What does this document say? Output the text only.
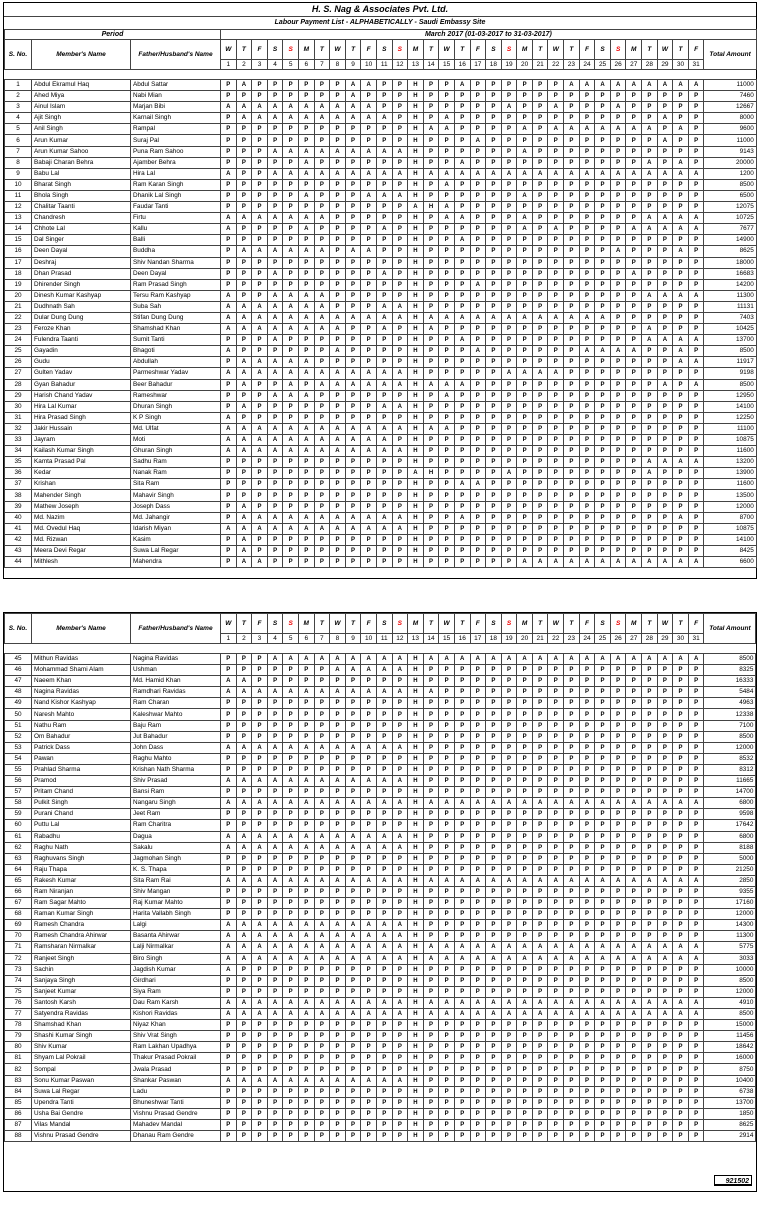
H. S. Nag & Associates Pvt. Ltd.
Labour Payment List - ALPHABETICALLY - Saudi Embassy Site
Period			March 2017 (01-03-2017 to 31-03-2017)																															
S. No.	Member's Name	Father/Husband's Name	W	T	F	S	S	M	T	W	T	F	S	S	M	T	W	T	F	S	S	M	T	W	T	F	S	S	M	T	W	T	F	Total Amount
			1	2	3	4	5	6	7	8	9	10	11	12	13	14	15	16	17	18	19	20	21	22	23	24	25	26	27	28	29	30	31	

1	Abdul Ekramul Haq	Abdul Sattar	P	A	P	P	P	P	P	P	A	A	P	P	H	P	P	A	P	P	P	P	P	P	A	A	A	A	A	A	A	A	A	11000
2	Ahed Miya	Nabi Mian	P	P	P	P	P	P	P	P	A	P	P	P	H	P	P	P	P	P	P	P	P	P	P	P	P	P	P	P	P	P	P	7460
3	Ainul Islam	Marjan Bibi	A	A	A	A	A	A	A	A	A	A	P	P	H	P	P	P	P	P	A	P	P	A	P	P	P	A	P	P	P	P	P	12667
4	Ajit Singh	Karnail Singh	P	A	A	A	A	A	A	A	A	A	A	P	H	P	A	P	P	P	P	P	P	P	P	P	P	P	P	P	A	P	P	8000
5	Anil Singh	Rampal	P	P	P	P	P	P	P	P	P	P	P	P	H	A	A	P	P	P	P	A	P	A	A	A	A	A	A	A	P	A	P	9600
6	Arun Kumar	Suraj Pal	P	P	P	P	P	P	P	P	P	P	P	P	H	P	P	P	A	P	P	P	P	P	P	P	P	P	P	P	A	P	P	11000
7	Arun Kumar Sahoo	Puna Ram Sahoo	P	P	P	A	A	A	A	A	A	A	A	A	H	P	P	P	P	P	P	A	P	P	P	P	P	P	P	P	P	P	P	9143
8	Babaji Charan Behra	Ajamber Behra	P	P	P	P	P	A	P	P	P	P	P	P	H	P	P	A	P	P	P	P	P	P	P	P	P	P	P	A	P	A	P	20000
9	Babu Lal	Hira Lal	A	P	P	A	A	A	A	A	A	A	A	A	H	A	A	A	A	A	A	A	A	A	A	A	A	A	A	A	A	A	A	1200
10	Bharat Singh	Ram Karan Singh	P	P	P	P	P	P	P	P	P	P	P	P	H	P	A	P	P	P	P	P	P	P	P	P	P	P	P	P	P	P	P	8500
11	Bhola Singh	Dhanik Lal Singh	P	P	P	P	P	A	P	P	P	A	A	A	H	P	P	P	P	P	P	A	P	P	P	P	P	P	P	P	P	P	P	6500
12	Chalitar Taanti	Faudar Tanti	P	P	P	P	P	P	P	P	P	P	P	P	A	H	A	P	P	P	P	P	P	P	P	P	P	P	P	P	P	P	P	12075
13	Chandresh	Firtu	A	A	A	A	A	A	A	P	P	P	P	P	H	P	A	A	P	P	P	A	P	P	P	P	P	P	P	A	A	A	A	10725
14	Chhote Lal	Kallu	A	P	P	P	P	A	P	P	P	P	A	P	H	P	P	P	P	P	P	A	P	A	P	P	P	P	A	A	A	A	A	7677
15	Dal Singer	Balli	P	P	P	P	P	P	P	P	P	P	P	P	H	P	P	A	P	P	P	P	P	P	P	P	P	P	P	P	P	P	P	14900
16	Deen Dayal	Buddha	P	A	A	A	A	A	A	P	A	A	P	P	H	P	P	P	P	P	P	P	P	P	P	P	P	A	P	P	P	A	P	8625
17	Deshraj	Shiv Nandan Sharma	P	P	P	P	P	P	P	P	P	P	P	P	H	P	P	P	P	P	P	P	P	P	P	P	P	P	P	P	P	P	P	18000
18	Dhan Prasad	Deen Dayal	P	P	P	A	P	P	P	P	P	P	A	P	H	P	P	P	P	P	P	P	P	P	P	P	P	P	A	P	P	P	P	16683
19	Dhirender Singh	Ram Prasad Singh	P	P	P	P	P	P	P	P	P	P	P	P	H	P	P	P	A	P	P	P	P	P	P	P	P	P	P	P	P	P	P	14200
20	Dinesh Kumar Kashyap	Tersu Ram Kashyap	A	P	P	A	A	A	A	P	P	P	P	P	H	P	P	P	P	P	P	P	P	P	P	P	P	P	P	A	A	A	A	11300
21	Dudhnath Sah	Suba Sah	A	A	A	A	A	A	A	P	P	P	A	A	H	P	P	P	P	P	P	P	P	P	P	P	P	P	P	P	P	P	P	11131
22	Dular Dung Dung	Stifan Dung Dung	A	A	A	A	A	A	A	A	A	A	A	A	H	A	A	A	A	A	A	A	A	A	A	A	A	P	P	P	P	P	P	7403
23	Feroze Khan	Shamshad Khan	A	A	A	A	A	A	A	A	P	P	A	P	H	A	P	P	P	P	P	P	P	P	P	P	P	P	P	A	P	P	P	10425
24	Fulendra Taanti	Sumit Tanti	P	P	P	A	P	P	P	P	P	P	P	P	H	P	P	A	P	P	P	P	P	P	P	P	P	P	P	A	A	A	A	13700
25	Gayadin	Bhagoti	A	P	P	P	P	P	P	A	P	P	P	P	H	P	P	P	A	P	P	P	P	P	P	A	A	A	A	P	P	A	P	8500
26	Gudu	Abdullah	P	A	A	A	A	A	P	P	P	P	P	P	H	P	P	P	P	P	P	P	P	P	P	P	P	P	P	P	P	A	A	11917
27	Gulten Yadav	Parmeshwar Yadav	A	A	A	A	A	A	A	A	A	A	A	A	H	P	P	P	P	P	A	A	A	A	P	P	P	P	P	P	P	P	P	9198
28	Gyan Bahadur	Beer Bahadur	P	A	P	P	A	P	A	A	A	A	A	A	H	A	A	A	P	P	P	P	P	P	P	P	P	P	P	P	A	P	A	8500
29	Harish Chand Yadav	Rameshwar	P	P	P	A	A	A	P	P	P	P	P	P	H	P	A	P	P	P	P	P	P	P	P	P	P	P	P	P	P	P	P	12950
30	Hira Lal Kumar	Dhuran Singh	P	A	P	P	P	P	P	P	P	P	A	A	H	P	P	P	P	P	P	P	P	P	P	P	P	P	P	P	P	P	P	14100
31	Hira Prasad Singh	K P Singh	A	P	P	P	P	P	P	P	P	P	P	P	H	P	P	P	P	P	P	P	P	P	P	P	P	P	P	P	P	P	P	12250
32	Jakir Hussain	Md. Ulfat	A	A	A	A	A	A	A	A	A	A	A	A	H	A	A	P	P	P	P	P	P	P	P	P	P	P	P	P	P	P	P	11100
33	Jayram	Moti	A	A	A	A	A	A	A	A	A	A	A	P	H	P	P	P	P	P	P	P	P	P	P	P	P	P	P	P	P	P	P	10875
34	Kailash Kumar Singh	Ghuran Singh	A	A	A	A	A	A	A	A	A	A	A	A	H	P	P	P	P	P	P	P	P	P	P	P	P	P	P	P	P	P	P	11600
35	Kamta Prasad Pal	Sadhu Ram	P	P	P	P	P	P	P	P	P	P	P	P	H	P	P	P	P	P	P	P	P	P	P	P	P	P	P	A	A	A	A	13200
36	Kedar	Nanak Ram	P	P	P	P	P	P	P	P	P	P	P	P	A	H	P	P	P	P	A	P	P	P	P	P	P	P	P	A	P	P	P	13900
37	Krishan	Sita Ram	P	P	P	P	P	P	P	P	P	P	P	P	H	P	P	A	A	P	P	P	P	P	P	P	P	P	P	P	P	P	P	11600
38	Mahender Singh	Mahavir Singh	P	P	P	P	P	P	P	P	P	P	P	P	H	P	P	P	P	P	P	P	P	P	P	P	P	P	P	P	P	P	P	13500
39	Mathew Joseph	Joseph Dass	P	A	P	P	P	P	P	P	P	P	P	P	H	P	P	P	P	P	P	P	P	P	P	P	P	P	P	P	P	P	P	12000
40	Md. Nazim	Md. Jahangir	P	A	A	A	A	A	A	A	A	A	A	A	H	P	P	A	P	P	P	P	P	P	P	P	P	P	P	P	P	A	P	8700
41	Md. Ovedul Haq	Idarish Miyan	A	A	A	A	A	A	A	A	A	A	A	A	H	P	P	P	P	P	P	P	P	P	P	P	P	P	P	P	P	P	P	10875
42	Md. Rizwan	Kasim	P	A	P	P	P	P	P	P	P	P	P	P	H	P	P	P	P	P	P	P	P	P	P	P	P	P	P	P	P	P	P	14100
43	Meera Devi Regar	Suwa Lal Regar	P	A	P	P	P	P	P	P	P	P	P	P	H	P	P	P	P	P	P	P	P	P	P	P	P	P	P	P	P	P	P	8425
44	Mithlesh	Mahendra	P	A	A	P	P	P	P	P	P	P	P	P	H	P	P	P	P	P	P	A	A	A	A	A	A	A	A	A	A	A	A	6600
S. No.	Member's Name	Father/Husband's Name	W	T	F	S	S	M	T	W	T	F	S	S	M	T	W	T	F	S	S	M	T	W	T	F	S	S	M	T	W	T	F	Total Amount
			1	2	3	4	5	6	7	8	9	10	11	12	13	14	15	16	17	18	19	20	21	22	23	24	25	26	27	28	29	30	31	

45	Mithun Ravidas	Nagina Ravidas	P	P	P	A	A	A	A	A	A	A	A	A	H	A	A	A	A	A	A	A	A	A	A	A	A	A	A	A	A	A	A	8500
46	Mohammad Shami Alam	Ushman	P	P	P	P	P	P	P	A	A	A	A	A	H	P	P	P	P	P	P	P	P	P	P	P	P	P	P	P	P	P	P	8325
47	Naeem Khan	Md. Hamid Khan	A	A	P	P	P	P	P	P	P	P	P	P	H	P	P	P	P	P	P	P	P	P	P	P	P	P	P	P	P	P	P	16333
48	Nagina Ravidas	Ramdhari Ravidas	A	A	A	A	A	A	A	A	A	A	A	A	H	A	P	P	P	P	P	P	P	P	P	P	P	P	P	P	P	P	P	5484
49	Nand Kishor Kashyap	Ram Charan	P	P	P	P	P	P	P	P	P	P	P	P	H	P	P	P	P	P	P	P	P	P	P	P	P	P	P	P	P	P	P	4963
50	Naresh Mahto	Kaleshwar Mahto	P	P	P	P	P	P	P	P	P	P	P	P	H	P	P	P	P	P	P	P	P	P	P	P	P	P	P	P	P	P	P	12338
51	Nathu Ram	Baju Ram	P	P	P	P	P	P	P	P	P	P	P	P	H	P	P	P	P	P	P	P	P	P	P	P	P	P	P	P	P	P	P	7100
52	Om Bahadur	Jut Bahadur	P	P	P	P	P	P	P	P	P	P	P	P	H	P	P	P	P	P	P	P	P	P	P	P	P	P	P	P	P	P	P	8500
53	Patrick Dass	John Dass	A	A	A	A	A	A	A	A	A	A	A	A	H	P	P	P	P	P	P	P	P	P	P	P	P	P	P	P	P	P	P	12000
54	Pawan	Raghu Mahto	P	P	P	P	P	P	P	P	P	P	P	P	H	P	P	P	P	P	P	P	P	P	P	P	P	P	P	P	P	P	P	8532
55	Prahlad Sharma	Krishan Nath Sharma	P	P	P	P	P	P	P	P	P	P	P	P	H	P	P	P	P	P	P	P	P	P	P	P	P	P	P	P	P	P	P	8312
56	Pramod	Shiv Prasad	A	A	A	A	A	A	A	A	A	A	A	A	H	P	P	P	P	P	P	P	P	P	P	P	P	P	P	P	P	P	P	11665
57	Pritam Chand	Bansi Ram	P	P	P	P	P	P	P	P	P	P	P	P	H	P	P	P	P	P	P	P	P	P	P	P	P	P	P	P	P	P	P	14700
58	Pulkit Singh	Nangaru Singh	A	A	A	A	A	A	A	A	A	A	A	A	H	A	A	A	A	A	A	A	A	A	A	A	A	A	A	A	A	A	A	6800
59	Purani Chand	Jeet Ram	P	P	P	P	P	P	P	P	P	P	P	P	H	P	P	P	P	P	P	P	P	P	P	P	P	P	P	P	P	P	P	9598
60	Puttu Lal	Ram Charitra	P	P	P	P	P	P	P	P	P	P	P	P	H	P	P	P	P	P	P	P	P	P	P	P	P	P	P	P	P	P	P	17642
61	Rabadhu	Dagua	A	A	A	A	A	A	A	A	A	A	A	A	H	P	P	P	P	P	P	P	P	P	P	P	P	P	P	P	P	P	P	6800
62	Raghu Nath	Sakalu	A	A	A	A	A	A	A	A	A	A	A	A	H	P	P	P	P	P	P	P	P	P	P	P	P	P	P	P	P	P	P	8188
63	Raghuvans Singh	Jagmohan Singh	P	P	P	P	P	P	P	P	P	P	P	P	H	P	P	P	P	P	P	P	P	P	P	P	P	P	P	P	P	P	P	5000
64	Raju Thapa	K. S. Thapa	P	P	P	P	P	P	P	P	P	P	P	P	H	P	P	P	P	P	P	P	P	P	P	P	P	P	P	P	P	P	P	21250
65	Rakesh Kumar	Sita Ram Rai	A	A	A	A	A	A	A	A	A	A	A	A	H	A	A	A	A	A	A	A	A	A	A	A	A	A	A	A	A	A	A	2850
66	Ram Niranjan	Shiv Mangan	P	P	P	P	P	P	P	P	P	P	P	P	H	P	P	P	P	P	P	P	P	P	P	P	P	P	P	P	P	P	P	9355
67	Ram Sagar Mahto	Raj Kumar Mahto	P	P	P	P	P	P	P	P	P	P	P	P	H	P	P	P	P	P	P	P	P	P	P	P	P	P	P	P	P	P	P	17160
68	Raman Kumar Singh	Harita Vallabh Singh	P	P	P	P	P	P	P	P	P	P	P	P	H	P	P	P	P	P	P	P	P	P	P	P	P	P	P	P	P	P	P	12000
69	Ramesh Chandra	Lalgi	A	A	A	A	A	A	A	A	A	A	A	A	H	P	P	P	P	P	P	P	P	P	P	P	P	P	P	P	P	P	P	14300
70	Ramesh Chandra Ahirwar	Basanta Ahirwar	A	A	A	A	A	A	A	A	A	A	A	A	H	P	P	P	P	P	P	P	P	P	P	P	P	P	P	P	P	P	P	11300
71	Ramsharan Nirmalkar	Lalji Nirmalkar	A	A	A	A	A	A	A	A	A	A	A	A	H	A	A	A	A	A	A	A	A	A	A	A	A	A	A	A	A	A	A	5775
72	Ranjeet Singh	Biro Singh	A	A	A	A	A	A	A	A	A	A	A	A	H	A	A	A	A	A	A	A	A	A	A	A	A	A	A	A	A	A	A	3033
73	Sachin	Jagdish Kumar	A	P	P	P	P	P	P	P	P	P	P	P	H	P	P	P	P	P	P	P	P	P	P	P	P	P	P	P	P	P	P	10000
74	Sanjaya Singh	Girdhari	P	P	P	P	P	P	P	P	P	P	P	P	H	P	P	P	P	P	P	P	P	P	P	P	P	P	P	P	P	P	P	8500
75	Sanjeet Kumar	Siya Ram	P	P	P	P	P	P	P	P	P	P	P	P	H	P	P	P	P	P	P	P	P	P	P	P	P	P	P	P	P	P	P	12000
76	Santosh Karsh	Dau Ram Karsh	A	A	A	A	A	A	A	A	A	A	A	A	H	A	A	A	A	A	A	A	A	A	A	A	A	A	A	A	A	A	A	4910
77	Satyendra Ravidas	Kishori Ravidas	A	A	A	A	A	A	A	A	A	A	A	A	H	A	A	A	A	A	A	A	A	A	A	A	A	A	A	A	A	A	A	8500
78	Shamshad Khan	Niyaz Khan	P	P	P	P	P	P	P	P	P	P	P	P	H	P	P	P	P	P	P	P	P	P	P	P	P	P	P	P	P	P	P	15000
79	Shashi Kumar Singh	Shiv Vrat Singh	P	P	P	P	P	P	P	P	P	P	P	P	H	P	P	P	P	P	P	P	P	P	P	P	P	P	P	P	P	P	P	11456
80	Shiv Kumar	Ram Lakhan Upadhya	P	P	P	P	P	P	P	P	P	P	P	P	H	P	P	P	P	P	P	P	P	P	P	P	P	P	P	P	P	P	P	18642
81	Shyam Lal Pokrail	Thakur Prasad Pokrail	P	P	P	P	P	P	P	P	P	P	P	P	H	P	P	P	P	P	P	P	P	P	P	P	P	P	P	P	P	P	P	16000
82	Sompal	Jwala Prasad	P	P	P	P	P	P	P	P	P	P	P	P	H	P	P	P	P	P	P	P	P	P	P	P	P	P	P	P	P	P	P	8750
83	Sonu Kumar Paswan	Shankar Paswan	A	A	A	A	A	A	A	A	A	A	A	A	H	P	P	P	P	P	P	P	P	P	P	P	P	P	P	P	P	P	P	10400
84	Suwa Lal Regar	Ladu	P	P	P	P	P	P	P	P	P	P	P	P	H	P	P	P	P	P	P	P	P	P	P	P	P	P	P	P	P	P	P	6738
85	Upendra Tanti	Bhuneshwar Tanti	P	P	P	P	P	P	P	P	P	P	P	P	H	P	P	P	P	P	P	P	P	P	P	P	P	P	P	P	P	P	P	13700
86	Usha Bai Gendre	Vishnu Prasad Gendre	P	P	P	P	P	P	P	P	P	P	P	P	H	P	P	P	P	P	P	P	P	P	P	P	P	P	P	P	P	P	P	1850
87	Vilas Mandal	Mahadev Mandal	P	P	P	P	P	P	P	P	P	P	P	P	H	P	P	P	P	P	P	P	P	P	P	P	P	P	P	P	P	P	P	8625
88	Vishnu Prasad Gendre	Dhanau Ram Gendre	P	P	P	P	P	P	P	P	P	P	P	P	H	P	P	P	P	P	P	P	P	P	P	P	P	P	P	P	P	P	P	2914
921502
